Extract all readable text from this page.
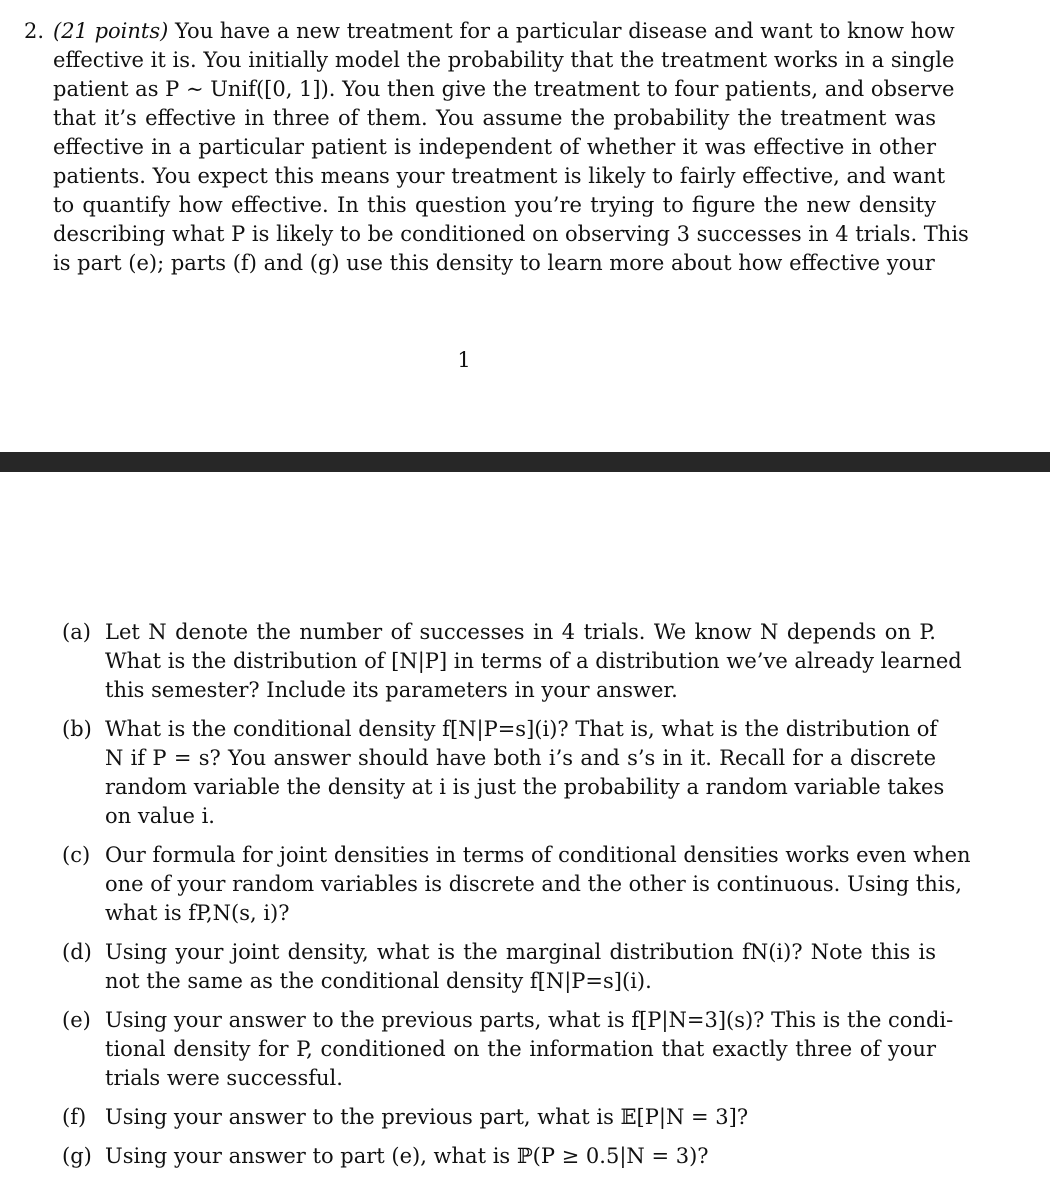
2. (21 points) You have a new treatment for a particular disease and want to know how
effective it is. You initially model the probability that the treatment works in a single
patient as P ∼ Unif([0, 1]). You then give the treatment to four patients, and observe
that it’s effective in three of them. You assume the probability the treatment was
effective in a particular patient is independent of whether it was effective in other
patients. You expect this means your treatment is likely to fairly effective, and want
to quantify how effective. In this question you’re trying to figure the new density
describing what P is likely to be conditioned on observing 3 successes in 4 trials. This
is part (e); parts (f) and (g) use this density to learn more about how effective your
1
(a) Let N denote the number of successes in 4 trials. We know N depends on P.
What is the distribution of [N|P] in terms of a distribution we’ve already learned
this semester? Include its parameters in your answer.
(b) What is the conditional density f[N|P=s](i)? That is, what is the distribution of
N if P = s? You answer should have both i’s and s’s in it. Recall for a discrete
random variable the density at i is just the probability a random variable takes
on value i.
(c) Our formula for joint densities in terms of conditional densities works even when
one of your random variables is discrete and the other is continuous. Using this,
what is fP,N(s, i)?
(d) Using your joint density, what is the marginal distribution fN(i)? Note this is
not the same as the conditional density f[N|P=s](i).
(e) Using your answer to the previous parts, what is f[P|N=3](s)? This is the condi-
tional density for P, conditioned on the information that exactly three of your
trials were successful.
(f) Using your answer to the previous part, what is 𝔼[P|N = 3]?
(g) Using your answer to part (e), what is ℙ(P ≥ 0.5|N = 3)?
